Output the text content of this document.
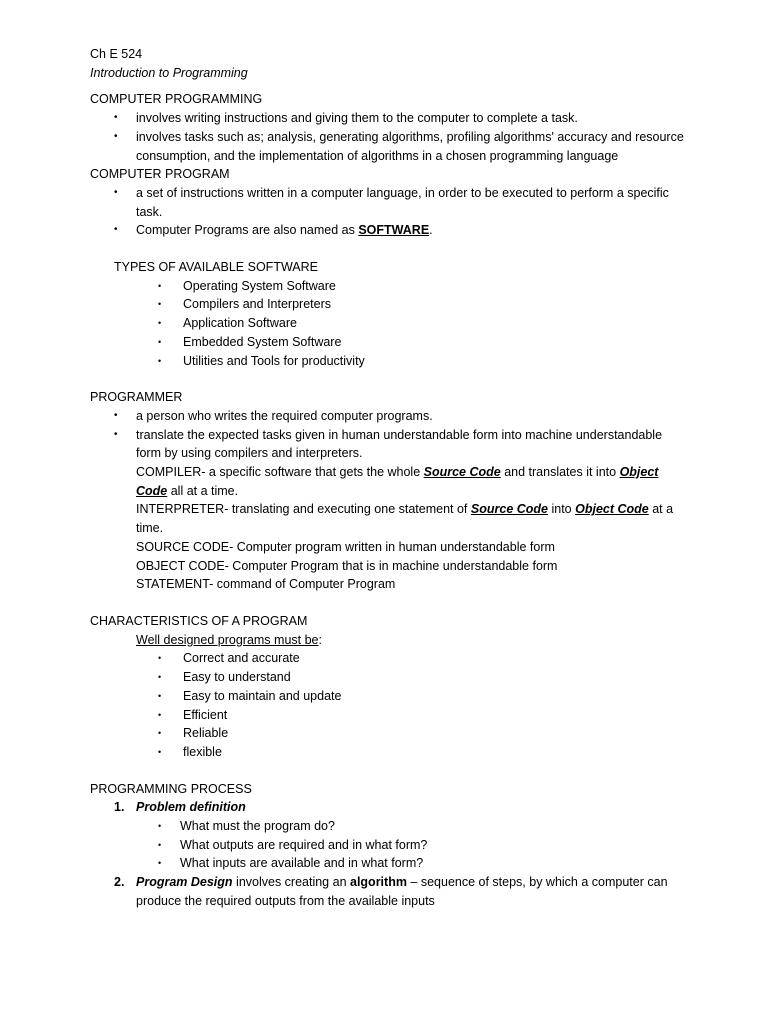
Ch E 524

Introduction to Programming

COMPUTER PROGRAMMING

•	involves writing instructions and giving them to the computer to complete a task.
•	involves tasks such as; analysis, generating algorithms, profiling algorithms' accuracy and resource consumption, and the implementation of algorithms in a chosen programming language

COMPUTER PROGRAM

•	a set of instructions written in a computer language, in order to be executed to perform a specific task.
•	Computer Programs are also named as SOFTWARE.

TYPES OF AVAILABLE SOFTWARE

•	Operating System Software
•	Compilers and Interpreters
•	Application Software
•	Embedded System Software
•	Utilities and Tools for productivity

PROGRAMMER

•	a person who writes the required computer programs.
•	translate the expected tasks given in human understandable form into machine understandable form by using compilers and interpreters.

COMPILER- a specific software that gets the whole Source Code and translates it into Object Code all at a time.

INTERPRETER- translating and executing one statement of Source Code into Object Code at a time.

SOURCE CODE- Computer program written in human understandable form

OBJECT CODE- Computer Program that is in machine understandable form

STATEMENT- command of Computer Program

CHARACTERISTICS OF A PROGRAM

Well designed programs must be:

•	Correct and accurate
•	Easy to understand
•	Easy to maintain and update
•	Efficient
•	Reliable
•	flexible

PROGRAMMING PROCESS

1. Problem definition
•	What must the program do?
•	What outputs are required and in what form?
•	What inputs are available and in what form?
2. Program Design involves creating an algorithm – sequence of steps, by which a computer can produce the required outputs from the available inputs
